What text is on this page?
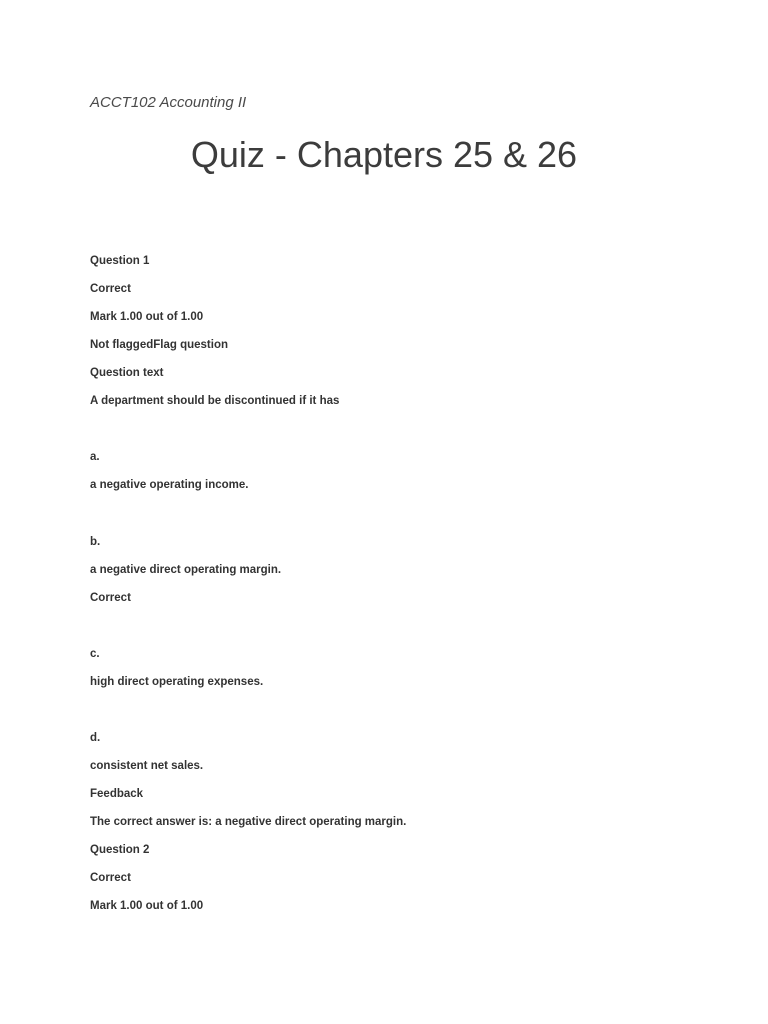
ACCT102 Accounting II
Quiz - Chapters 25 & 26
Question 1
Correct
Mark 1.00 out of 1.00
Not flaggedFlag question
Question text
A department should be discontinued if it has
a.
a negative operating income.
b.
a negative direct operating margin.
Correct
c.
high direct operating expenses.
d.
consistent net sales.
Feedback
The correct answer is: a negative direct operating margin.
Question 2
Correct
Mark 1.00 out of 1.00
